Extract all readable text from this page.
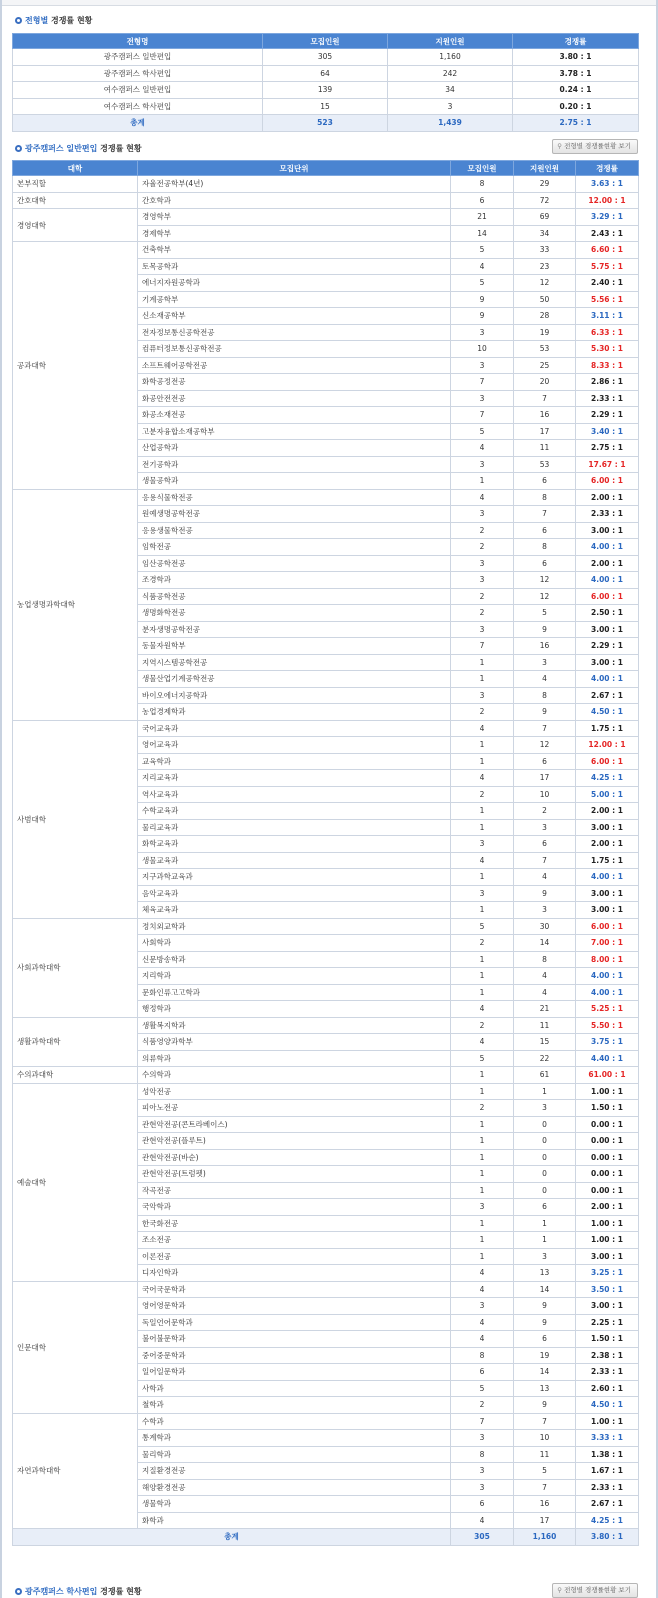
전형별 경쟁률 현황
전형명	모집인원	지원인원	경쟁률
광주캠퍼스 일반편입	305	1,160	3.80 : 1
광주캠퍼스 학사편입	64	242	3.78 : 1
여수캠퍼스 일반편입	139	34	0.24 : 1
여수캠퍼스 학사편입	15	3	0.20 : 1
총계	523	1,439	2.75 : 1
광주캠퍼스 일반편입 경쟁률 현황	⚲ 전형별 경쟁률현황 보기
대학	모집단위	모집인원	지원인원	경쟁률
본부직할	자율전공학부(4년)	8	29	3.63 : 1
간호대학	간호학과	6	72	12.00 : 1
경영대학	경영학부	21	69	3.29 : 1
	경제학부	14	34	2.43 : 1
공과대학	건축학부	5	33	6.60 : 1
	토목공학과	4	23	5.75 : 1
	에너지자원공학과	5	12	2.40 : 1
	기계공학부	9	50	5.56 : 1
	신소재공학부	9	28	3.11 : 1
	전자정보통신공학전공	3	19	6.33 : 1
	컴퓨터정보통신공학전공	10	53	5.30 : 1
	소프트웨어공학전공	3	25	8.33 : 1
	화학공정전공	7	20	2.86 : 1
	화공안전전공	3	7	2.33 : 1
	화공소재전공	7	16	2.29 : 1
	고분자융합소재공학부	5	17	3.40 : 1
	산업공학과	4	11	2.75 : 1
	전기공학과	3	53	17.67 : 1
	생물공학과	1	6	6.00 : 1
농업생명과학대학	응용식물학전공	4	8	2.00 : 1
	원예생명공학전공	3	7	2.33 : 1
	응용생물학전공	2	6	3.00 : 1
	임학전공	2	8	4.00 : 1
	임산공학전공	3	6	2.00 : 1
	조경학과	3	12	4.00 : 1
	식품공학전공	2	12	6.00 : 1
	생명화학전공	2	5	2.50 : 1
	분자생명공학전공	3	9	3.00 : 1
	동물자원학부	7	16	2.29 : 1
	지역시스템공학전공	1	3	3.00 : 1
	생물산업기계공학전공	1	4	4.00 : 1
	바이오에너지공학과	3	8	2.67 : 1
	농업경제학과	2	9	4.50 : 1
사범대학	국어교육과	4	7	1.75 : 1
	영어교육과	1	12	12.00 : 1
	교육학과	1	6	6.00 : 1
	지리교육과	4	17	4.25 : 1
	역사교육과	2	10	5.00 : 1
	수학교육과	1	2	2.00 : 1
	물리교육과	1	3	3.00 : 1
	화학교육과	3	6	2.00 : 1
	생물교육과	4	7	1.75 : 1
	지구과학교육과	1	4	4.00 : 1
	음악교육과	3	9	3.00 : 1
	체육교육과	1	3	3.00 : 1
사회과학대학	정치외교학과	5	30	6.00 : 1
	사회학과	2	14	7.00 : 1
	신문방송학과	1	8	8.00 : 1
	지리학과	1	4	4.00 : 1
	문화인류고고학과	1	4	4.00 : 1
	행정학과	4	21	5.25 : 1
생활과학대학	생활복지학과	2	11	5.50 : 1
	식품영양과학부	4	15	3.75 : 1
	의류학과	5	22	4.40 : 1
수의과대학	수의학과	1	61	61.00 : 1
예술대학	성악전공	1	1	1.00 : 1
	피아노전공	2	3	1.50 : 1
	관현악전공(콘트라베이스)	1	0	0.00 : 1
	관현악전공(플루트)	1	0	0.00 : 1
	관현악전공(바순)	1	0	0.00 : 1
	관현악전공(트럼펫)	1	0	0.00 : 1
	작곡전공	1	0	0.00 : 1
	국악학과	3	6	2.00 : 1
	한국화전공	1	1	1.00 : 1
	조소전공	1	1	1.00 : 1
	이론전공	1	3	3.00 : 1
	디자인학과	4	13	3.25 : 1
인문대학	국어국문학과	4	14	3.50 : 1
	영어영문학과	3	9	3.00 : 1
	독일언어문학과	4	9	2.25 : 1
	불어불문학과	4	6	1.50 : 1
	중어중문학과	8	19	2.38 : 1
	일어일문학과	6	14	2.33 : 1
	사학과	5	13	2.60 : 1
	철학과	2	9	4.50 : 1
자연과학대학	수학과	7	7	1.00 : 1
	통계학과	3	10	3.33 : 1
	물리학과	8	11	1.38 : 1
	지질환경전공	3	5	1.67 : 1
	해양환경전공	3	7	2.33 : 1
	생물학과	6	16	2.67 : 1
	화학과	4	17	4.25 : 1
총계		305	1,160	3.80 : 1
광주캠퍼스 학사편입 경쟁률 현황	⚲ 전형별 경쟁률현황 보기
